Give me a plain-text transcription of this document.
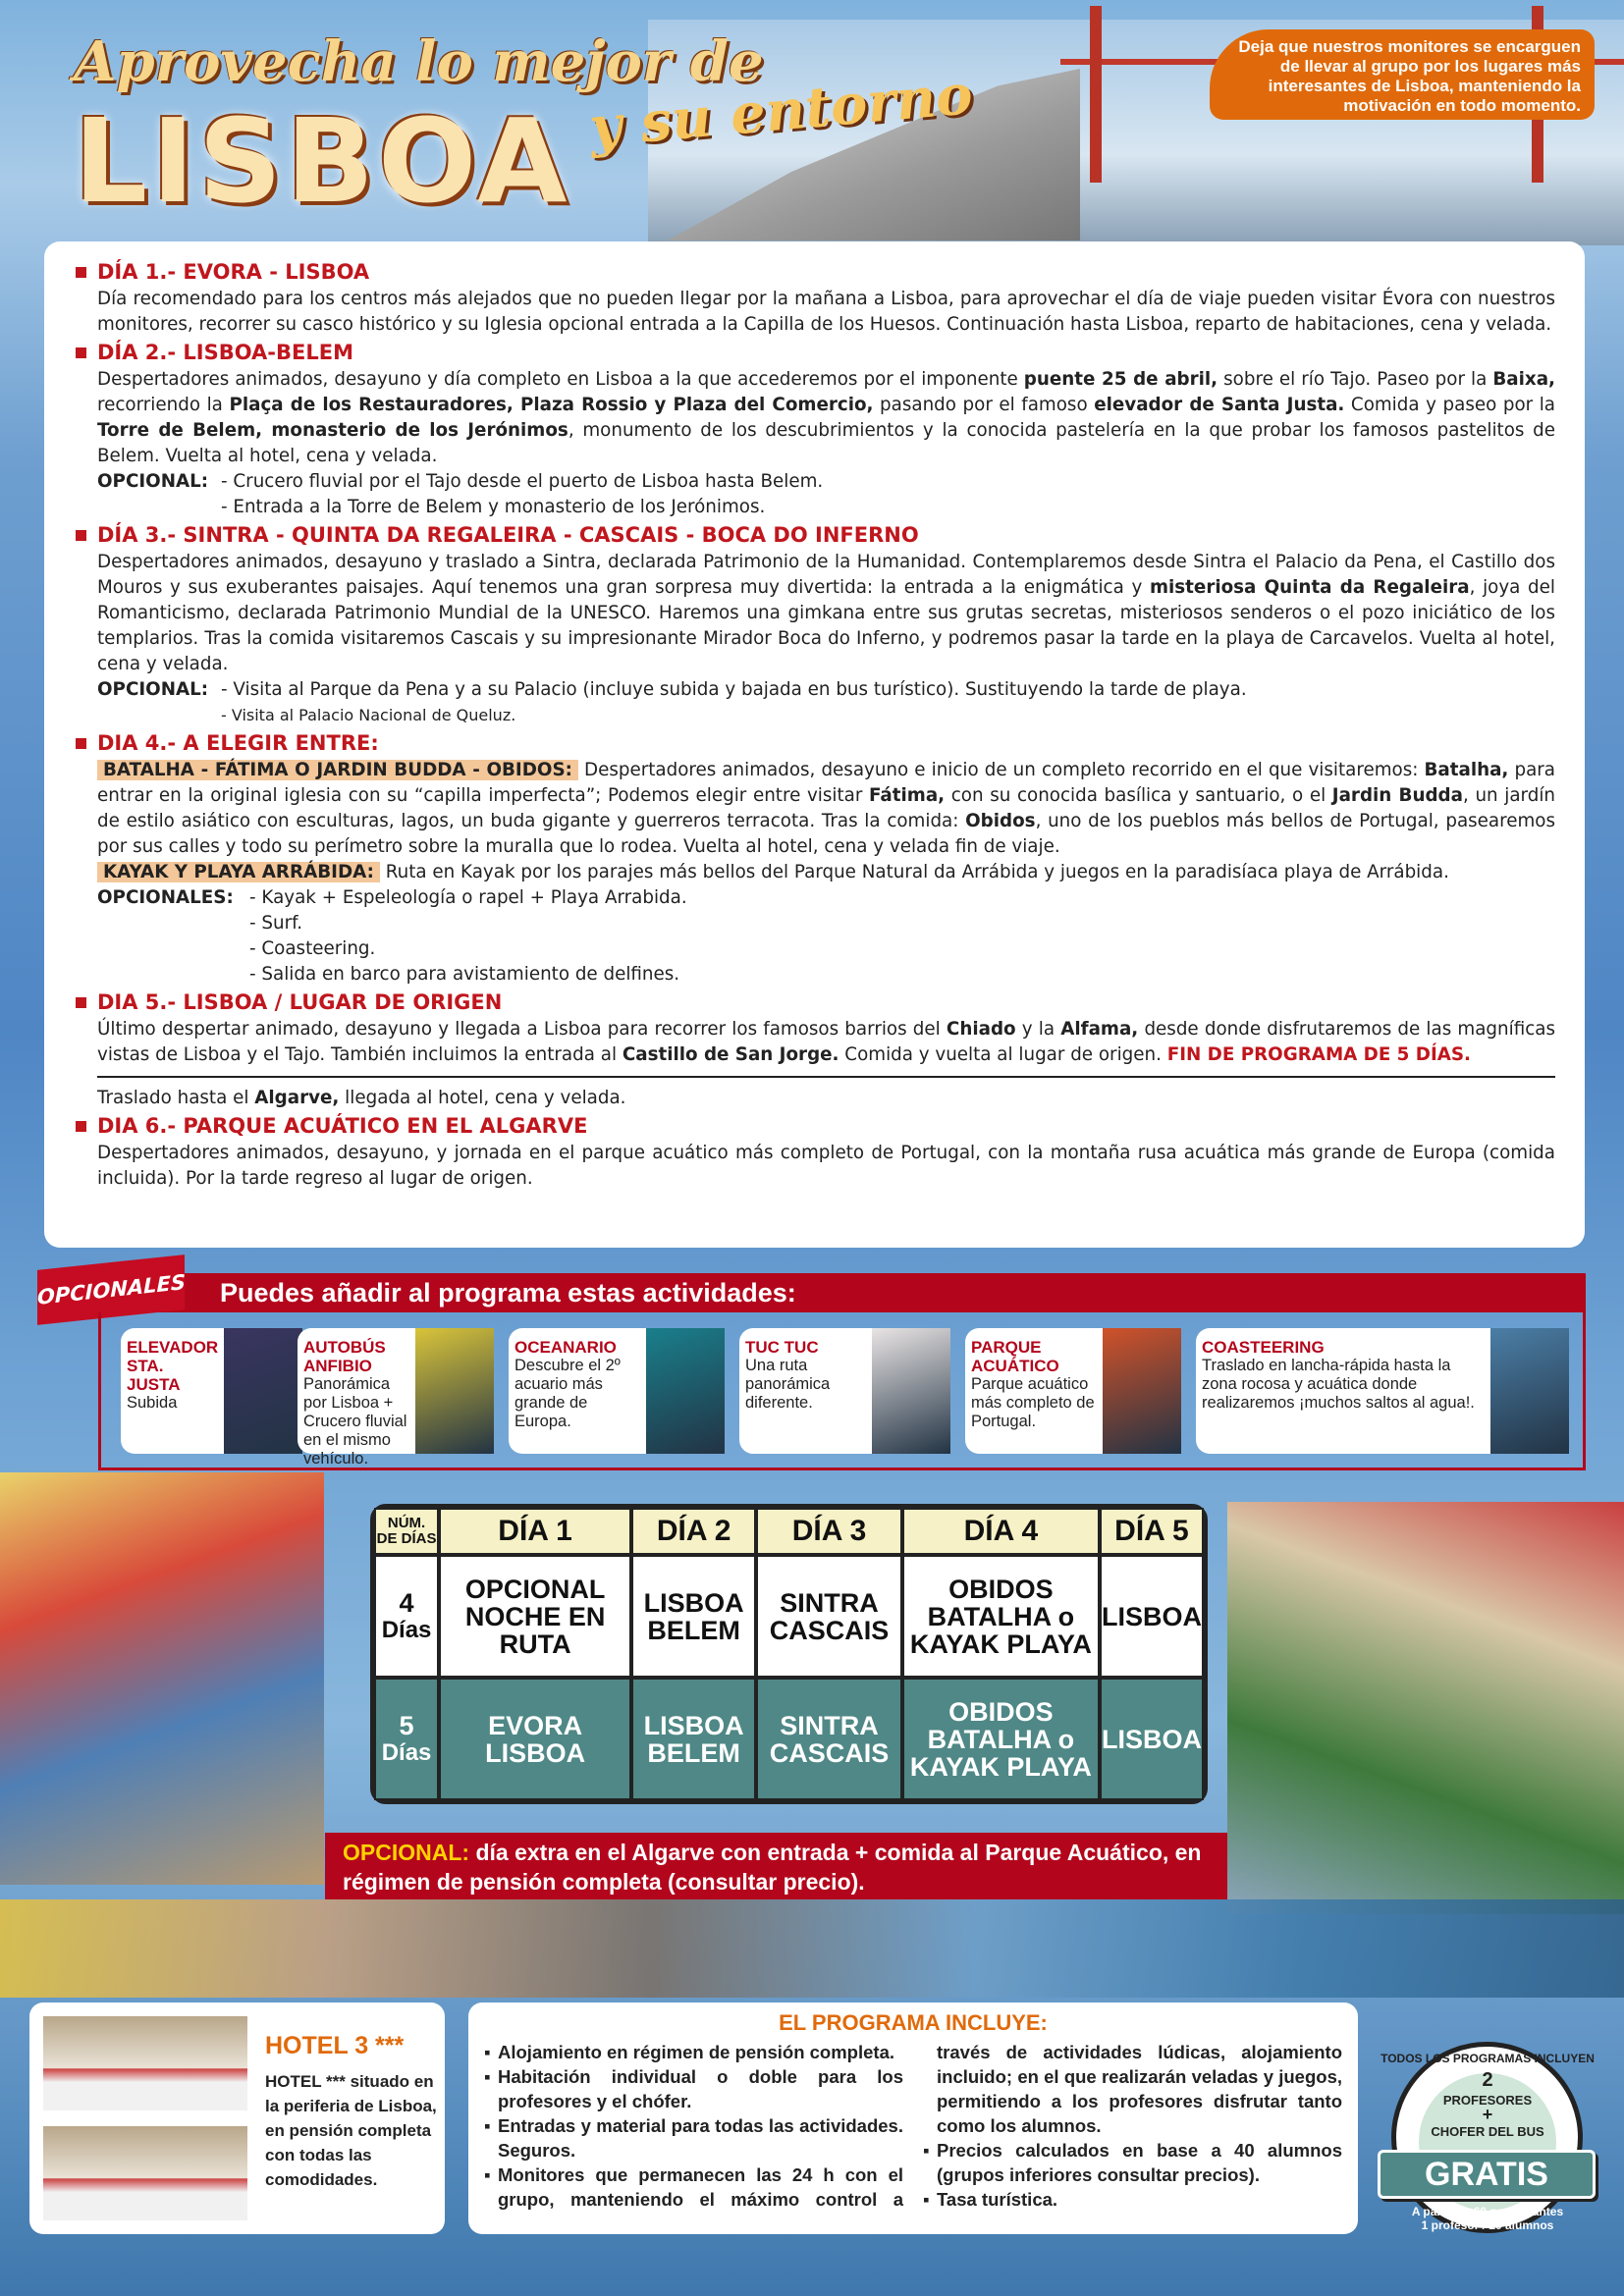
Aprovecha lo mejor de
LISBOA y su entorno
Deja que nuestros monitores se encarguen de llevar al grupo por los lugares más interesantes de Lisboa, manteniendo la motivación en todo momento.
DÍA 1.- EVORA - LISBOA
Día recomendado para los centros más alejados que no pueden llegar por la mañana a Lisboa, para aprovechar el día de viaje pueden visitar Évora con nuestros monitores, recorrer su casco histórico y su Iglesia opcional entrada a la Capilla de los Huesos. Continuación hasta Lisboa, reparto de habitaciones, cena y velada.
DÍA 2.- LISBOA-BELEM
Despertadores animados, desayuno y día completo en Lisboa a la que accederemos por el imponente puente 25 de abril, sobre el río Tajo. Paseo por la Baixa, recorriendo la Plaça de los Restauradores, Plaza Rossio y Plaza del Comercio, pasando por el famoso elevador de Santa Justa. Comida y paseo por la Torre de Belem, monasterio de los Jerónimos, monumento de los descubrimientos y la conocida pastelería en la que probar los famosos pastelitos de Belem. Vuelta al hotel, cena y velada.
OPCIONAL: - Crucero fluvial por el Tajo desde el puerto de Lisboa hasta Belem.
- Entrada a la Torre de Belem y monasterio de los Jerónimos.
DÍA 3.- SINTRA - QUINTA DA REGALEIRA - CASCAIS - BOCA DO INFERNO
Despertadores animados, desayuno y traslado a Sintra, declarada Patrimonio de la Humanidad. Contemplaremos desde Sintra el Palacio da Pena, el Castillo dos Mouros y sus exuberantes paisajes. Aquí tenemos una gran sorpresa muy divertida: la entrada a la enigmática y misteriosa Quinta da Regaleira, joya del Romanticismo, declarada Patrimonio Mundial de la UNESCO. Haremos una gimkana entre sus grutas secretas, misteriosos senderos o el pozo iniciático de los templarios. Tras la comida visitaremos Cascais y su impresionante Mirador Boca do Inferno, y podremos pasar la tarde en la playa de Carcavelos. Vuelta al hotel, cena y velada.
OPCIONAL: - Visita al Parque da Pena y a su Palacio (incluye subida y bajada en bus turístico). Sustituyendo la tarde de playa.
- Visita al Palacio Nacional de Queluz.
DIA 4.- A ELEGIR ENTRE:
BATALHA - FÁTIMA O JARDIN BUDDA - OBIDOS: Despertadores animados, desayuno e inicio de un completo recorrido en el que visitaremos: Batalha, para entrar en la original iglesia con su “capilla imperfecta”; Podemos elegir entre visitar Fátima, con su conocida basílica y santuario, o el Jardin Budda, un jardín de estilo asiático con esculturas, lagos, un buda gigante y guerreros terracota. Tras la comida: Obidos, uno de los pueblos más bellos de Portugal, pasearemos por sus calles y todo su perímetro sobre la muralla que lo rodea. Vuelta al hotel, cena y velada fin de viaje.
KAYAK Y PLAYA ARRÁBIDA: Ruta en Kayak por los parajes más bellos del Parque Natural da Arrábida y juegos en la paradisíaca playa de Arrábida.
OPCIONALES: - Kayak + Espeleología o rapel + Playa Arrabida.
- Surf.
- Coasteering.
- Salida en barco para avistamiento de delfines.
DIA 5.- LISBOA / LUGAR DE ORIGEN
Último despertar animado, desayuno y llegada a Lisboa para recorrer los famosos barrios del Chiado y la Alfama, desde donde disfrutaremos de las magníficas vistas de Lisboa y el Tajo. También incluimos la entrada al Castillo de San Jorge. Comida y vuelta al lugar de origen. FIN DE PROGRAMA DE 5 DÍAS.
Traslado hasta el Algarve, llegada al hotel, cena y velada.
DIA 6.- PARQUE ACUÁTICO EN EL ALGARVE
Despertadores animados, desayuno, y jornada en el parque acuático más completo de Portugal, con la montaña rusa acuática más grande de Europa (comida incluida). Por la tarde regreso al lugar de origen.
Puedes añadir al programa estas actividades:
OPCIONALES
ELEVADOR STA. JUSTA
Subida
AUTOBÚS ANFIBIO
Panorámica por Lisboa + Crucero fluvial en el mismo vehículo.
OCEANARIO
Descubre el 2º acuario más grande de Europa.
TUC TUC
Una ruta panorámica diferente.
PARQUE ACUÁTICO
Parque acuático más completo de Portugal.
COASTEERING
Traslado en lancha-rápida hasta la zona rocosa y acuática donde realizaremos ¡muchos saltos al agua!.
NÚM. DE DÍAS	DÍA 1	DÍA 2	DÍA 3	DÍA 4	DÍA 5
4
Días	OPCIONAL NOCHE EN RUTA	LISBOA BELEM	SINTRA CASCAIS	OBIDOS BATALHA o KAYAK PLAYA	LISBOA
5
Días	EVORA LISBOA	LISBOA BELEM	SINTRA CASCAIS	OBIDOS BATALHA o KAYAK PLAYA	LISBOA
OPCIONAL: día extra en el Algarve con entrada + comida al Parque Acuático, en régimen de pensión completa (consultar precio).
HOTEL 3 ***
HOTEL *** situado en la periferia de Lisboa, en pensión completa con todas las comodidades.
EL PROGRAMA INCLUYE:
▪ Alojamiento en régimen de pensión completa.
▪ Habitación individual o doble para los profesores y el chófer.
▪ Entradas y material para todas las actividades. Seguros.
▪ Monitores que permanecen las 24 h con el grupo, manteniendo el máximo control a través de actividades lúdicas, alojamiento incluido; en el que realizarán veladas y juegos, permitiendo a los profesores disfrutar tanto como los alumnos.
▪ Precios calculados en base a 40 alumnos (grupos inferiores consultar precios).
▪ Tasa turística.
TODOS LOS PROGRAMAS INCLUYEN
2
PROFESORES
+
CHOFER DEL BUS
GRATIS
A partir de 60 participantes
1 profesor / 20 alumnos
